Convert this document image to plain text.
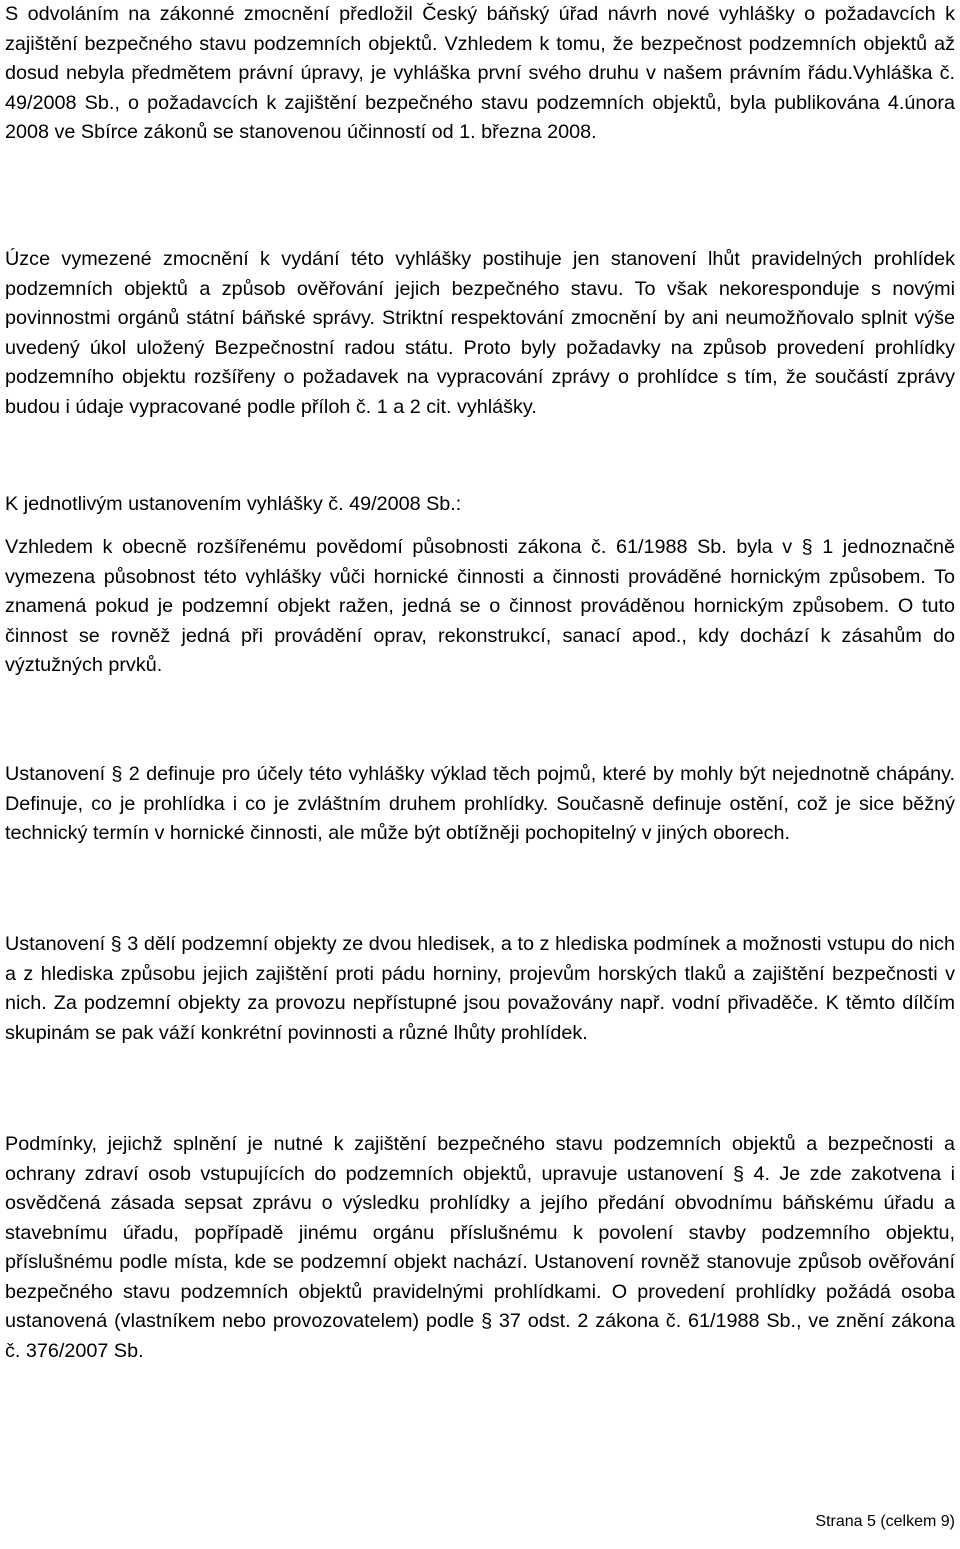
S odvoláním na zákonné zmocnění předložil Český báňský úřad návrh nové vyhlášky o požadavcích k zajištění bezpečného stavu podzemních objektů. Vzhledem k tomu, že bezpečnost podzemních objektů až dosud nebyla předmětem právní úpravy, je vyhláška první svého druhu v našem právním řádu.Vyhláška č. 49/2008 Sb., o požadavcích k zajištění bezpečného stavu podzemních objektů, byla publikována 4.února 2008 ve Sbírce zákonů se stanovenou účinností od 1. března 2008.

Úzce vymezené zmocnění k vydání této vyhlášky postihuje jen stanovení lhůt pravidelných prohlídek podzemních objektů a způsob ověřování jejich bezpečného stavu. To však nekoresponduje s novými povinnostmi orgánů státní báňské správy. Striktní respektování zmocnění by ani neumožňovalo splnit výše uvedený úkol uložený Bezpečnostní radou státu. Proto byly požadavky na způsob provedení prohlídky podzemního objektu rozšířeny o požadavek na vypracování zprávy o prohlídce s tím, že součástí zprávy budou i údaje vypracované podle příloh č. 1 a 2 cit. vyhlášky.

K jednotlivým ustanovením vyhlášky č. 49/2008 Sb.:

Vzhledem k obecně rozšířenému povědomí působnosti zákona č. 61/1988 Sb. byla v § 1 jednoznačně vymezena působnost této vyhlášky vůči hornické činnosti a činnosti prováděné hornickým způsobem. To znamená pokud je podzemní objekt ražen, jedná se o činnost prováděnou hornickým způsobem. O tuto činnost se rovněž jedná při provádění oprav, rekonstrukcí, sanací apod., kdy dochází k zásahům do výztužných prvků.

Ustanovení § 2 definuje pro účely této vyhlášky výklad těch pojmů, které by mohly být nejednotně chápány. Definuje, co je prohlídka i co je zvláštním druhem prohlídky. Současně definuje ostění, což je sice běžný technický termín v hornické činnosti, ale může být obtížněji pochopitelný v jiných oborech.

Ustanovení § 3 dělí podzemní objekty ze dvou hledisek, a to z hlediska podmínek a možnosti vstupu do nich a z hlediska způsobu jejich zajištění proti pádu horniny, projevům horských tlaků a zajištění bezpečnosti v nich. Za podzemní objekty za provozu nepřístupné jsou považovány např. vodní přivaděče. K těmto dílčím skupinám se pak váží konkrétní povinnosti a různé lhůty prohlídek.

Podmínky, jejichž splnění je nutné k zajištění bezpečného stavu podzemních objektů a bezpečnosti a ochrany zdraví osob vstupujících do podzemních objektů, upravuje ustanovení § 4. Je zde zakotvena i osvědčená zásada sepsat zprávu o výsledku prohlídky a jejího předání obvodnímu báňskému úřadu a stavebnímu úřadu, popřípadě jinému orgánu příslušnému k povolení stavby podzemního objektu, příslušnému podle místa, kde se podzemní objekt nachází. Ustanovení rovněž stanovuje způsob ověřování bezpečného stavu podzemních objektů pravidelnými prohlídkami. O provedení prohlídky požádá osoba ustanovená (vlastníkem nebo provozovatelem) podle § 37 odst. 2 zákona č. 61/1988 Sb., ve znění zákona č. 376/2007 Sb.

Strana 5 (celkem 9)
